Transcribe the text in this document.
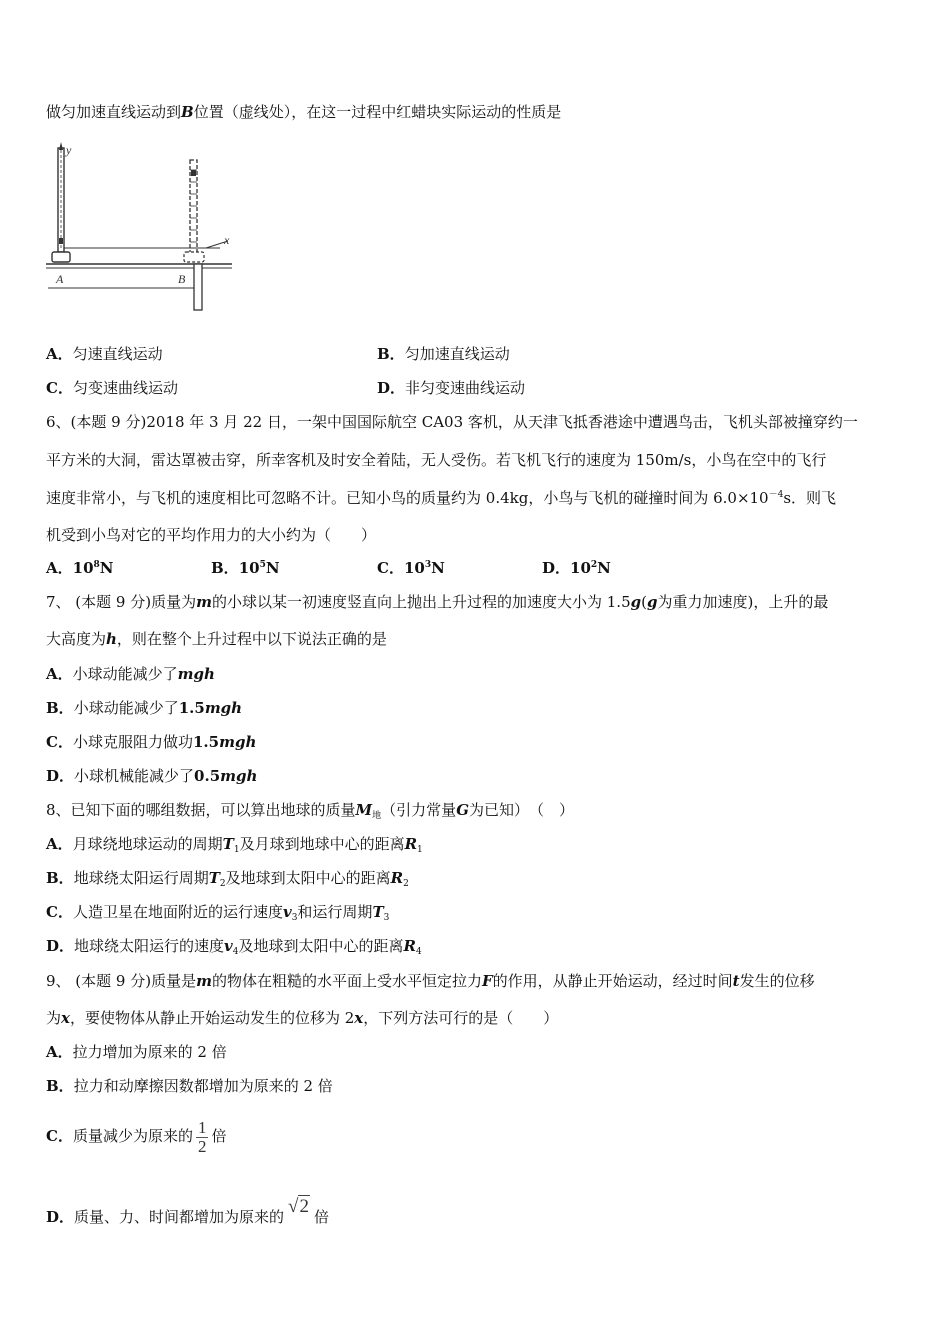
做匀加速直线运动到B位置（虚线处），在这一过程中红蜡块实际运动的性质是
y
x
A	B
A．匀速直线运动	B．匀加速直线运动
C．匀变速曲线运动	D．非匀变速曲线运动
6、(本题 9 分)2018 年 3 月 22 日，一架中国国际航空 CA03 客机，从天津飞抵香港途中遭遇鸟击，飞机头部被撞穿约一
平方米的大洞，雷达罩被击穿，所幸客机及时安全着陆，无人受伤。若飞机飞行的速度为 150m/s，小鸟在空中的飞行
速度非常小，与飞机的速度相比可忽略不计。已知小鸟的质量约为 0.4kg，小鸟与飞机的碰撞时间为 $6.0\times 10^{-4}s$．则飞
机受到小鸟对它的平均作用力的大小约为（　　）
A．$10^8N$	B．$10^5N$	C．$10^3N$	D．$10^2N$
7、 (本题 9 分)质量为m的小球以某一初速度竖直向上抛出上升过程的加速度大小为 1.5g(g为重力加速度)，上升的最
大高度为h，则在整个上升过程中以下说法正确的是
A．小球动能减少了mgh
B．小球动能减少了1.5mgh
C．小球克服阻力做功1.5mgh
D．小球机械能减少了0.5mgh
8、已知下面的哪组数据，可以算出地球的质量$M_地$（引力常量G为已知）　（　）
A．月球绕地球运动的周期$T_1$及月球到地球中心的距离$R_1$
B．地球绕太阳运行周期$T_2$及地球到太阳中心的距离$R_2$
C．人造卫星在地面附近的运行速度$v_3$和运行周期$T_3$
D．地球绕太阳运行的速度$v_4$及地球到太阳中心的距离$R_4$
9、 (本题 9 分)质量是m的物体在粗糙的水平面上受水平恒定拉力F的作用，从静止开始运动，经过时间t发生的位移
为x，要使物体从静止开始运动发生的位移为 2x，下列方法可行的是（　　）
A．拉力增加为原来的 2 倍
B．拉力和动摩擦因数都增加为原来的 2 倍
C．质量减少为原来的 $\frac{1}{2}$ 倍
D．质量、力、时间都增加为原来的 √2 倍
